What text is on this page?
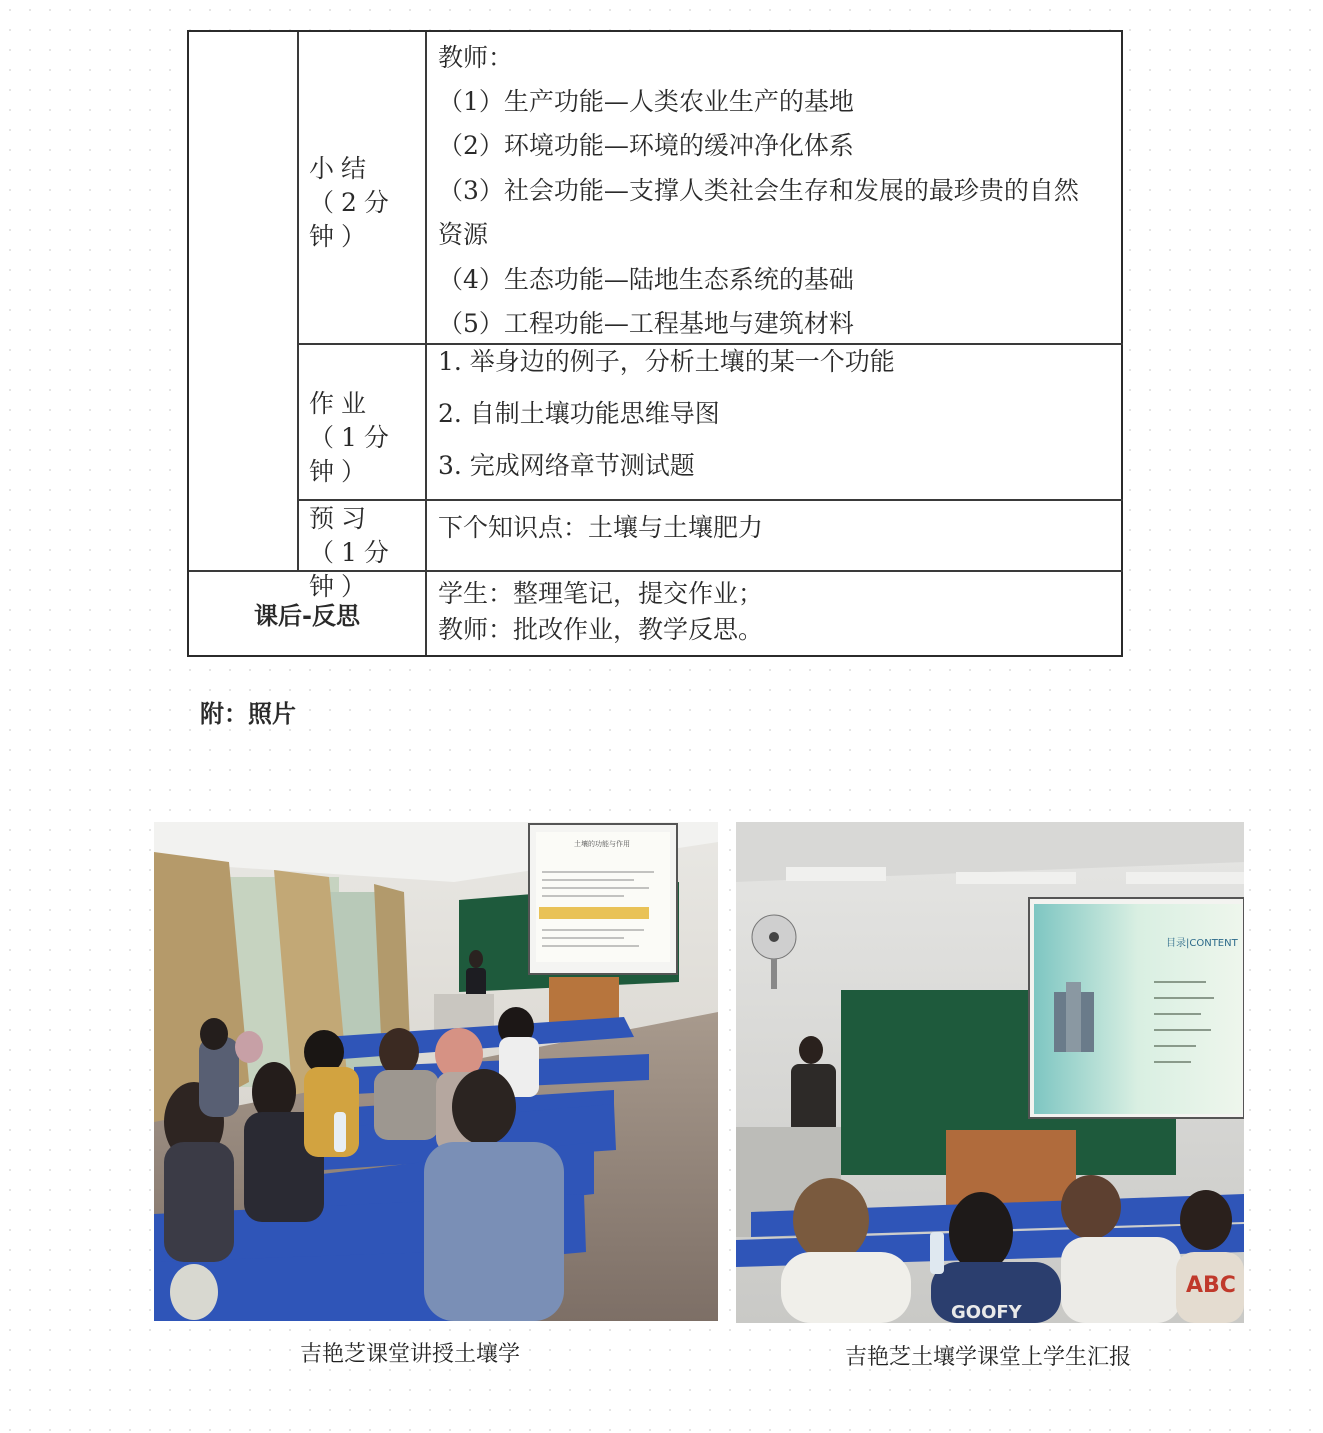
小结（2分钟）
教师：
（1）生产功能—人类农业生产的基地
（2）环境功能—环境的缓冲净化体系
（3）社会功能—支撑人类社会生存和发展的最珍贵的自然
资源
（4）生态功能—陆地生态系统的基础
（5）工程功能—工程基地与建筑材料
作业（1分钟）
1. 举身边的例子，分析土壤的某一个功能
2. 自制土壤功能思维导图
3. 完成网络章节测试题
预习（1分钟）
下个知识点：土壤与土壤肥力
课后-反思
学生：整理笔记，提交作业；
教师：批改作业，教学反思。
附：照片
土壤的功能与作用
吉艳芝课堂讲授土壤学
目录|CONTENT
GOOFY
ABC
吉艳芝土壤学课堂上学生汇报
